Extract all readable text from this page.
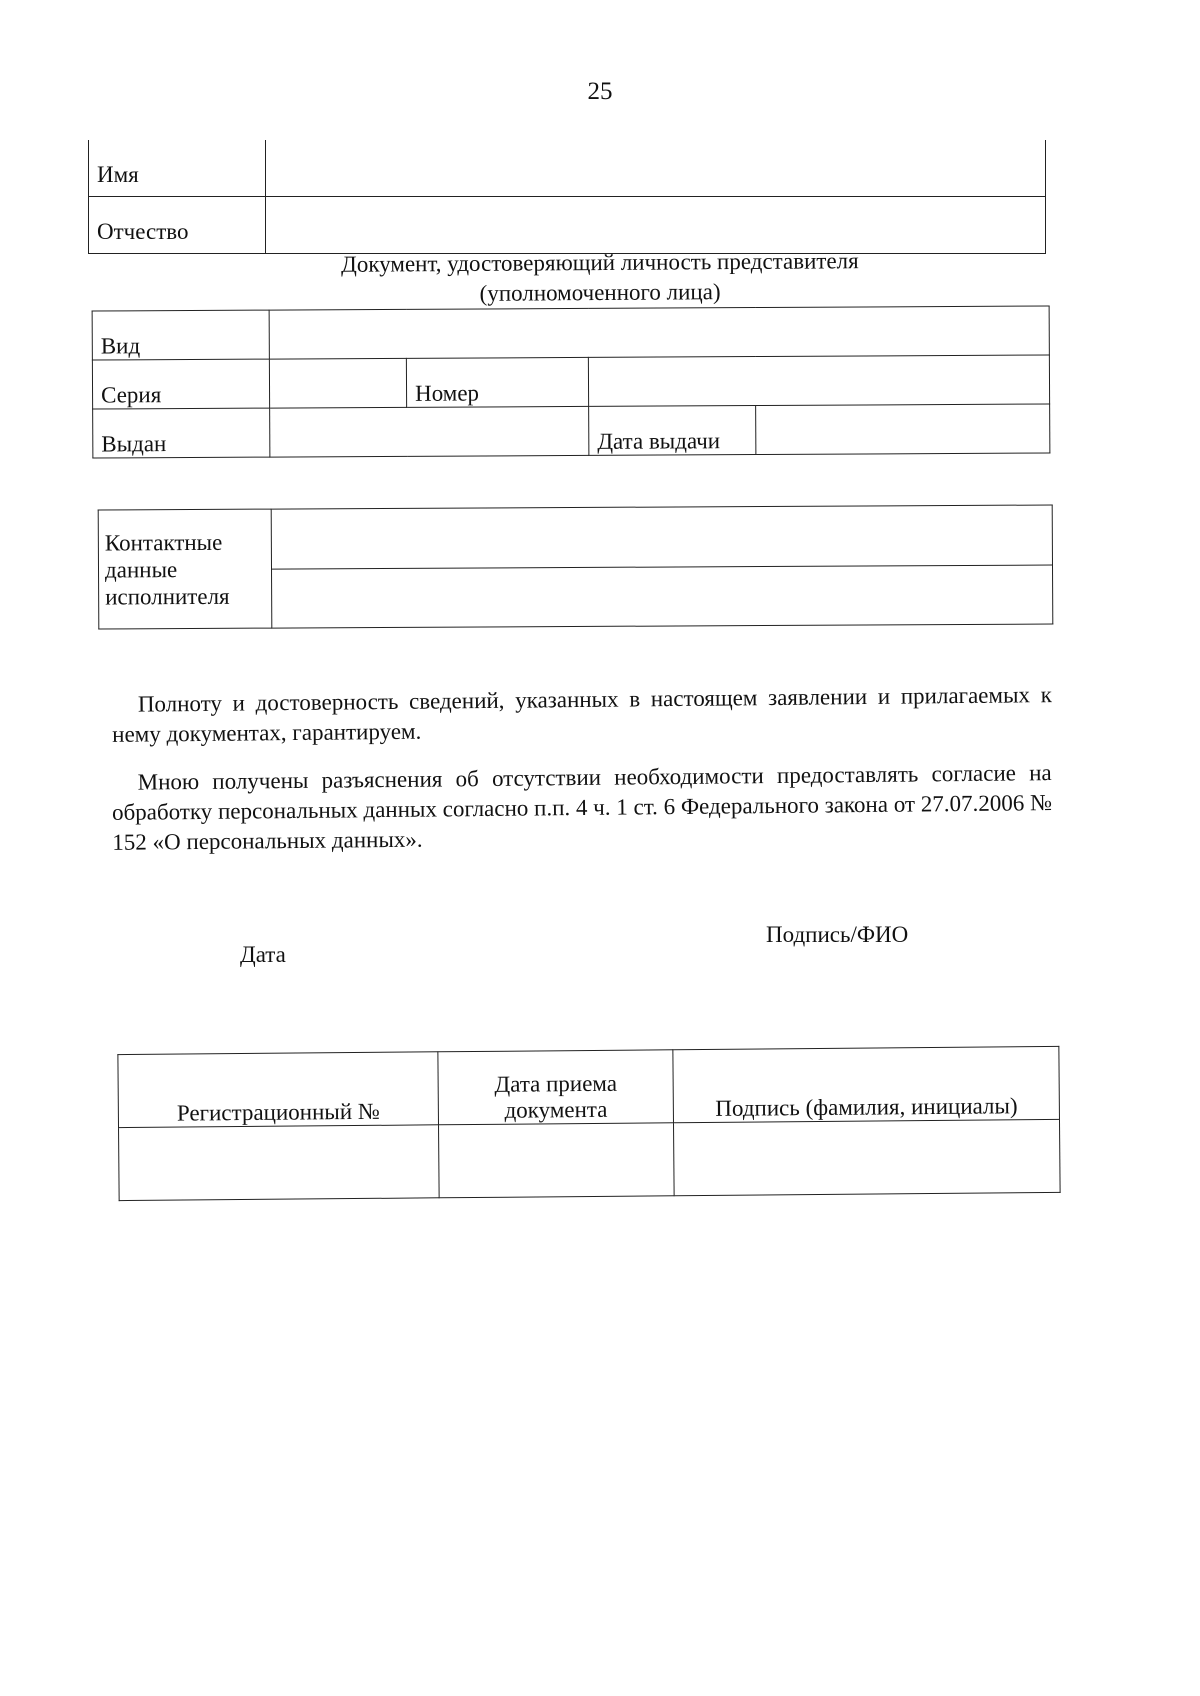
25
Имя	
Отчество	
Документ, удостоверяющий личность представителя
(уполномоченного лица)
Вид				
Серия		Номер		
Выдан			Дата выдачи	
Контактные
данные
исполнителя

Полноту и достоверность сведений, указанных в настоящем заявлении и прилагаемых к нему документах, гарантируем.
Мною получены разъяснения об отсутствии необходимости предоставлять согласие на обработку персональных данных согласно п.п. 4 ч. 1 ст. 6 Федерального закона от 27.07.2006 № 152 «О персональных данных».
Дата
Подпись/ФИО
Регистрационный №	Дата приема документа	Подпись (фамилия, инициалы)
